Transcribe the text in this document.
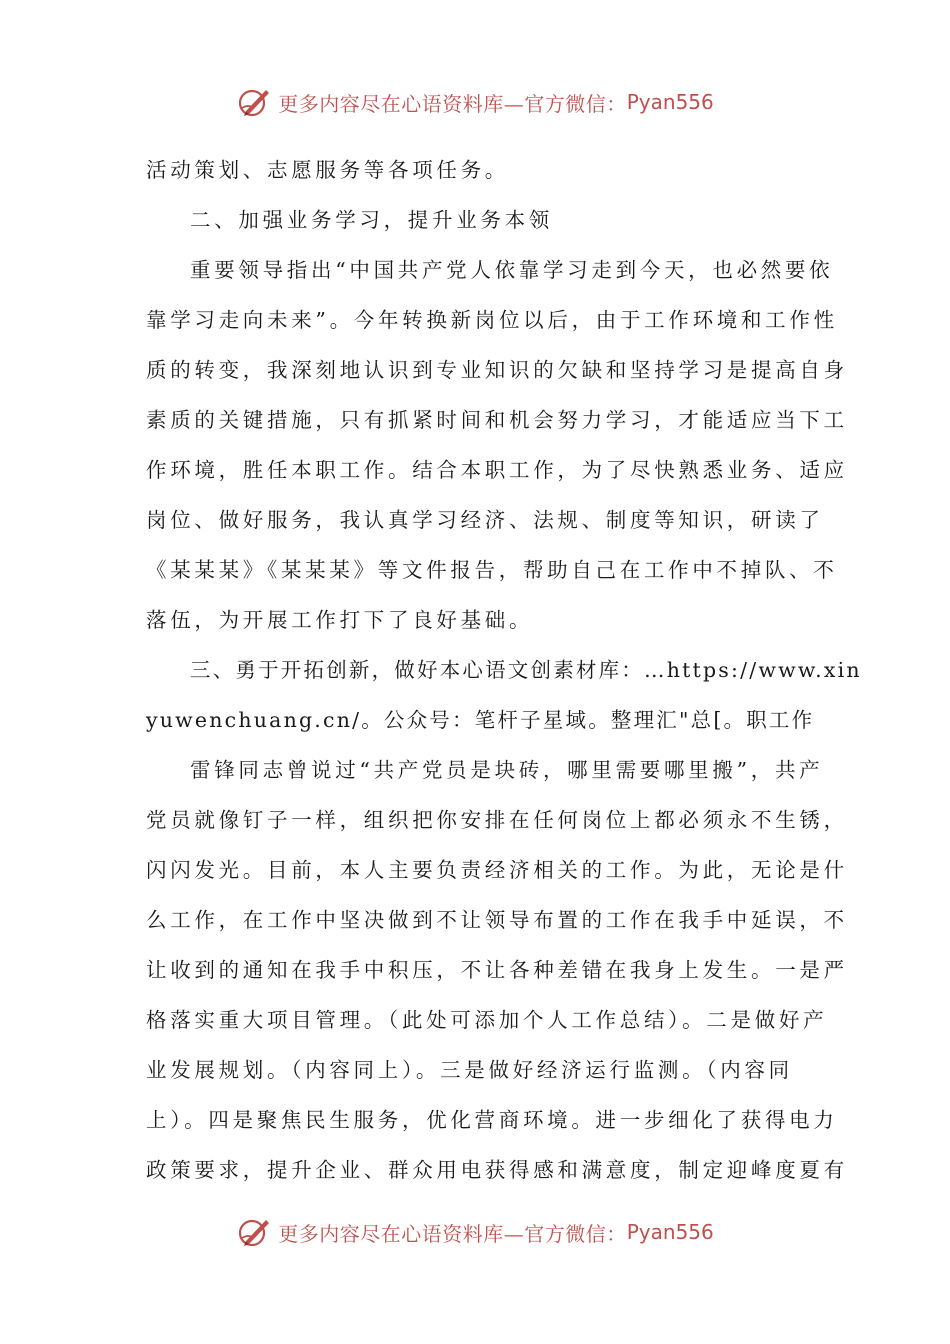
更多内容尽在心语资料库—官方微信： Pyan556
活动策划、志愿服务等各项任务。
二、加强业务学习，提升业务本领
重要领导指出“中国共产党人依靠学习走到今天，也必然要依
靠学习走向未来”。今年转换新岗位以后，由于工作环境和工作性
质的转变，我深刻地认识到专业知识的欠缺和坚持学习是提高自身
素质的关键措施，只有抓紧时间和机会努力学习，才能适应当下工
作环境，胜任本职工作。结合本职工作，为了尽快熟悉业务、适应
岗位、做好服务，我认真学习经济、法规、制度等知识，研读了
《某某某》《某某某》等文件报告，帮助自己在工作中不掉队、不
落伍，为开展工作打下了良好基础。
三、勇于开拓创新，做好本心语文创素材库：…https://www.xin
yuwenchuang.cn/。公众号：笔杆子星域。整理汇"总[。职工作
雷锋同志曾说过“共产党员是块砖，哪里需要哪里搬”，共产
党员就像钉子一样，组织把你安排在任何岗位上都必须永不生锈，
闪闪发光。目前，本人主要负责经济相关的工作。为此，无论是什
么工作，在工作中坚决做到不让领导布置的工作在我手中延误，不
让收到的通知在我手中积压，不让各种差错在我身上发生。一是严
格落实重大项目管理。（此处可添加个人工作总结）。二是做好产
业发展规划。（内容同上）。三是做好经济运行监测。（内容同
上）。四是聚焦民生服务，优化营商环境。进一步细化了获得电力
政策要求，提升企业、群众用电获得感和满意度，制定迎峰度夏有
更多内容尽在心语资料库—官方微信： Pyan556
